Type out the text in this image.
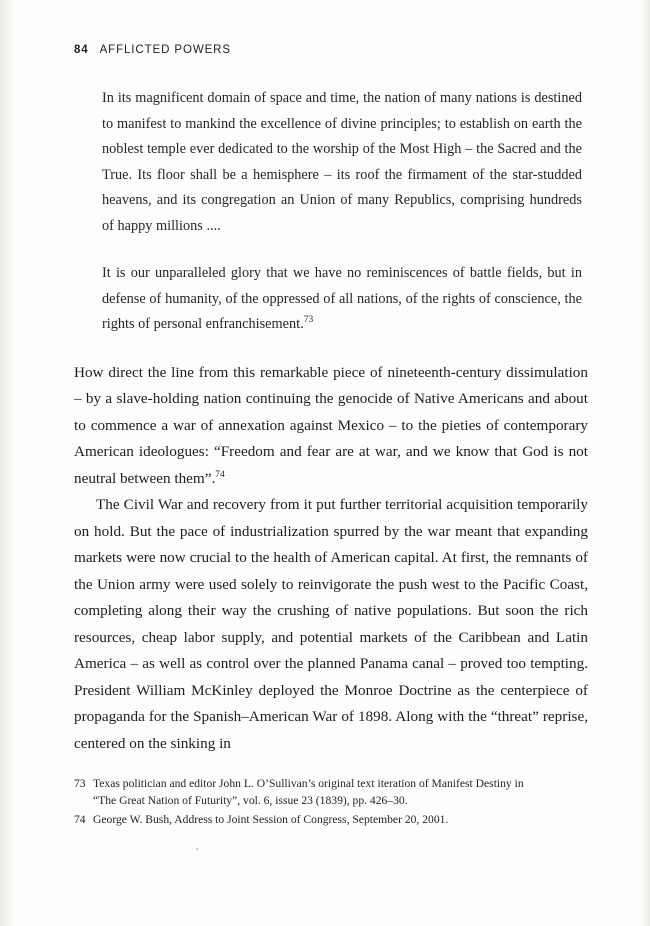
84 AFFLICTED POWERS
In its magnificent domain of space and time, the nation of many nations is destined to manifest to mankind the excellence of divine principles; to establish on earth the noblest temple ever dedicated to the worship of the Most High – the Sacred and the True. Its floor shall be a hemisphere – its roof the firmament of the star-studded heavens, and its congregation an Union of many Republics, comprising hundreds of happy millions ....
It is our unparalleled glory that we have no reminiscences of battle fields, but in defense of humanity, of the oppressed of all nations, of the rights of conscience, the rights of personal enfranchisement.$^{73}$
How direct the line from this remarkable piece of nineteenth-century dissimulation – by a slave-holding nation continuing the genocide of Native Americans and about to commence a war of annexation against Mexico – to the pieties of contemporary American ideologues: “Freedom and fear are at war, and we know that God is not neutral between them”.$^{74}$
The Civil War and recovery from it put further territorial acquisition temporarily on hold. But the pace of industrialization spurred by the war meant that expanding markets were now crucial to the health of American capital. At first, the remnants of the Union army were used solely to reinvigorate the push west to the Pacific Coast, completing along their way the crushing of native populations. But soon the rich resources, cheap labor supply, and potential markets of the Caribbean and Latin America – as well as control over the planned Panama canal – proved too tempting. President William McKinley deployed the Monroe Doctrine as the centerpiece of propaganda for the Spanish–American War of 1898. Along with the “threat” reprise, centered on the sinking in
73 Texas politician and editor John L. O’Sullivan’s original text iteration of Manifest Destiny in
“The Great Nation of Futurity”, vol. 6, issue 23 (1839), pp. 426–30.
74 George W. Bush, Address to Joint Session of Congress, September 20, 2001.
